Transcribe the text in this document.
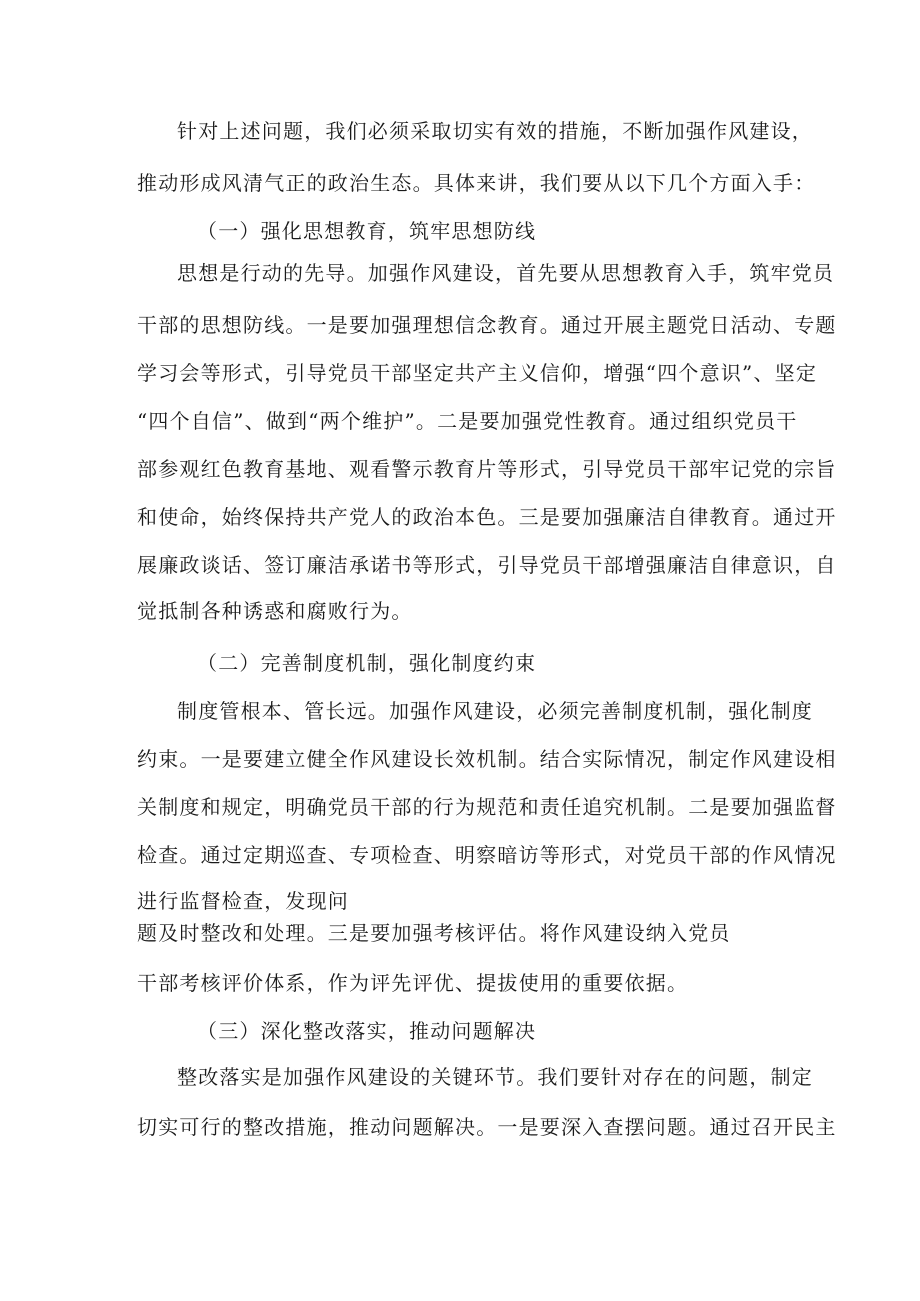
针对上述问题，我们必须采取切实有效的措施，不断加强作风建设，
推动形成风清气正的政治生态。具体来讲，我们要从以下几个方面入手：
（一）强化思想教育，筑牢思想防线
思想是行动的先导。加强作风建设，首先要从思想教育入手，筑牢党员
干部的思想防线。一是要加强理想信念教育。通过开展主题党日活动、专题
学习会等形式，引导党员干部坚定共产主义信仰，增强“四个意识”、坚定
“四个自信”、做到“两个维护”。二是要加强党性教育。通过组织党员干
部参观红色教育基地、观看警示教育片等形式，引导党员干部牢记党的宗旨
和使命，始终保持共产党人的政治本色。三是要加强廉洁自律教育。通过开
展廉政谈话、签订廉洁承诺书等形式，引导党员干部增强廉洁自律意识，自
觉抵制各种诱惑和腐败行为。
（二）完善制度机制，强化制度约束
制度管根本、管长远。加强作风建设，必须完善制度机制，强化制度
约束。一是要建立健全作风建设长效机制。结合实际情况，制定作风建设相
关制度和规定，明确党员干部的行为规范和责任追究机制。二是要加强监督
检查。通过定期巡查、专项检查、明察暗访等形式，对党员干部的作风情况
进行监督检查，发现问
题及时整改和处理。三是要加强考核评估。将作风建设纳入党员
干部考核评价体系，作为评先评优、提拔使用的重要依据。
（三）深化整改落实，推动问题解决
整改落实是加强作风建设的关键环节。我们要针对存在的问题，制定
切实可行的整改措施，推动问题解决。一是要深入查摆问题。通过召开民主
